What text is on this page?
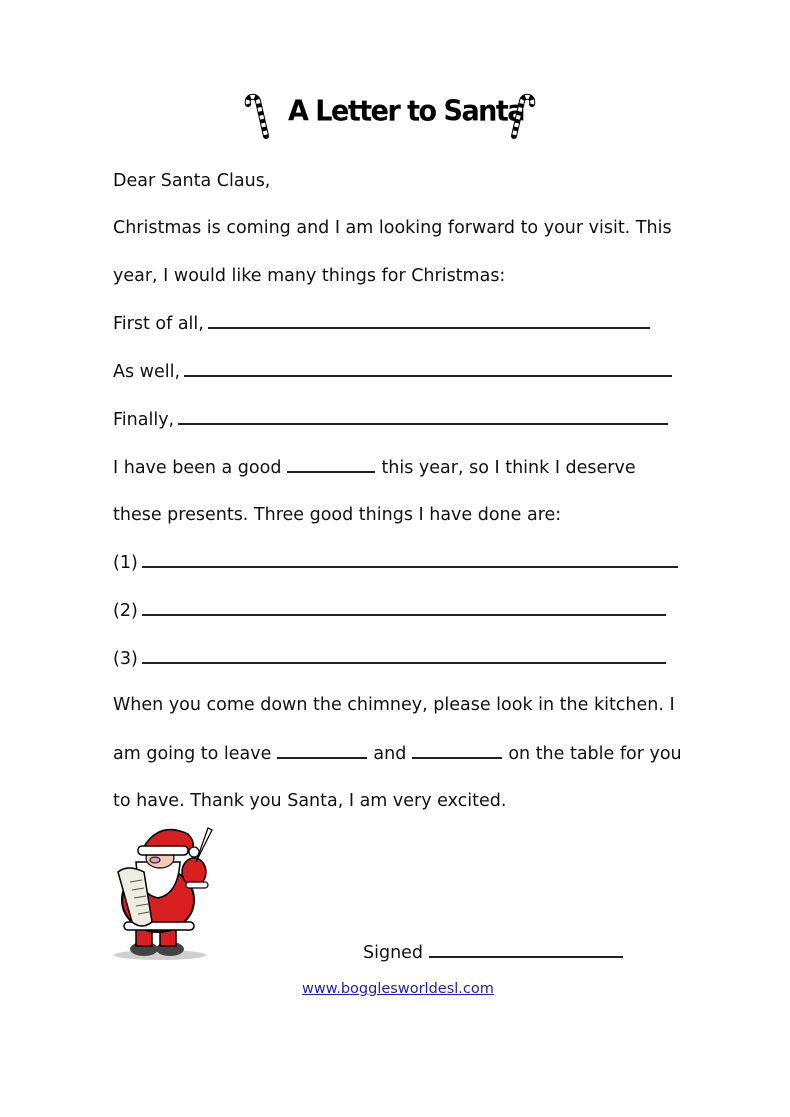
A Letter to Santa
Dear Santa Claus,
Christmas is coming and I am looking forward to your visit. This
year, I would like many things for Christmas:
First of all,
As well,
Finally,
I have been a good	this year, so I think I deserve
these presents. Three good things I have done are:
(1)
(2)
(3)
When you come down the chimney, please look in the kitchen. I
am going to leave	and	on the table for you
to have. Thank you Santa, I am very excited.
Signed
www.bogglesworldesl.com
